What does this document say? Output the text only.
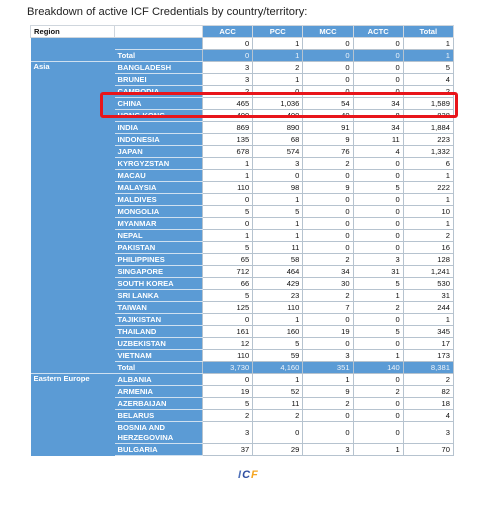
Breakdown of active ICF Credentials by country/territory:
Region		ACC	PCC	MCC	ACTC	Total
		0	1	0	0	1
	Total	0	1	0	0	1
Asia	BANGLADESH	3	2	0	0	5
	BRUNEI	3	1	0	0	4
	CAMBODIA	2	0	0	0	2
	CHINA	465	1,036	54	34	1,589
	HONG KONG	400	400	40	8	828
	INDIA	869	890	91	34	1,884
	INDONESIA	135	68	9	11	223
	JAPAN	678	574	76	4	1,332
	KYRGYZSTAN	1	3	2	0	6
	MACAU	1	0	0	0	1
	MALAYSIA	110	98	9	5	222
	MALDIVES	0	1	0	0	1
	MONGOLIA	5	5	0	0	10
	MYANMAR	0	1	0	0	1
	NEPAL	1	1	0	0	2
	PAKISTAN	5	11	0	0	16
	PHILIPPINES	65	58	2	3	128
	SINGAPORE	712	464	34	31	1,241
	SOUTH KOREA	66	429	30	5	530
	SRI LANKA	5	23	2	1	31
	TAIWAN	125	110	7	2	244
	TAJIKISTAN	0	1	0	0	1
	THAILAND	161	160	19	5	345
	UZBEKISTAN	12	5	0	0	17
	VIETNAM	110	59	3	1	173
	Total	3,730	4,160	351	140	8,381
Eastern Europe	ALBANIA	0	1	1	0	2
	ARMENIA	19	52	9	2	82
	AZERBAIJAN	5	11	2	0	18
	BELARUS	2	2	0	0	4
	BOSNIA AND HERZEGOVINA	3	0	0	0	3
	BULGARIA	37	29	3	1	70
ICF
